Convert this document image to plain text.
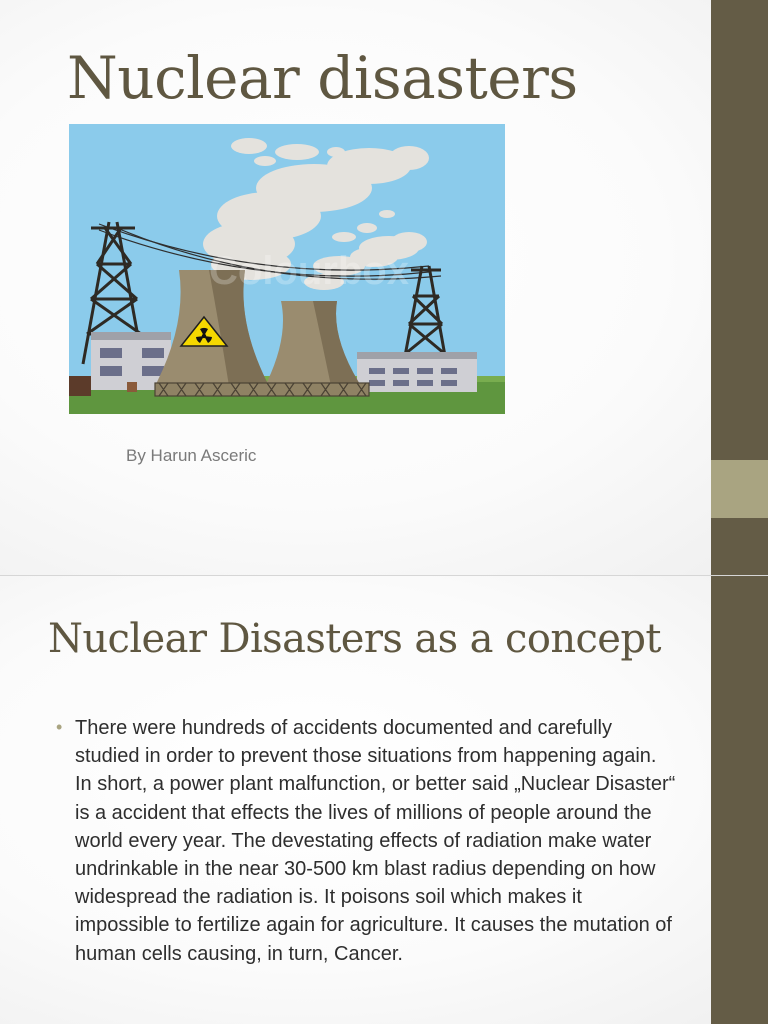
Nuclear disasters
Colourbox
By Harun Asceric
Nuclear Disasters as a concept
• There were hundreds of accidents documented and carefully studied in order to prevent those situations from happening again. In short, a power plant malfunction, or better said „Nuclear Disaster“ is a accident that effects the lives of millions of people around the world every year. The devestating effects of radiation make water undrinkable in the near 30-500 km blast radius depending on how widespread the radiation is. It poisons soil which makes it impossible to fertilize again for agriculture. It causes the mutation of human cells causing, in turn, Cancer.
